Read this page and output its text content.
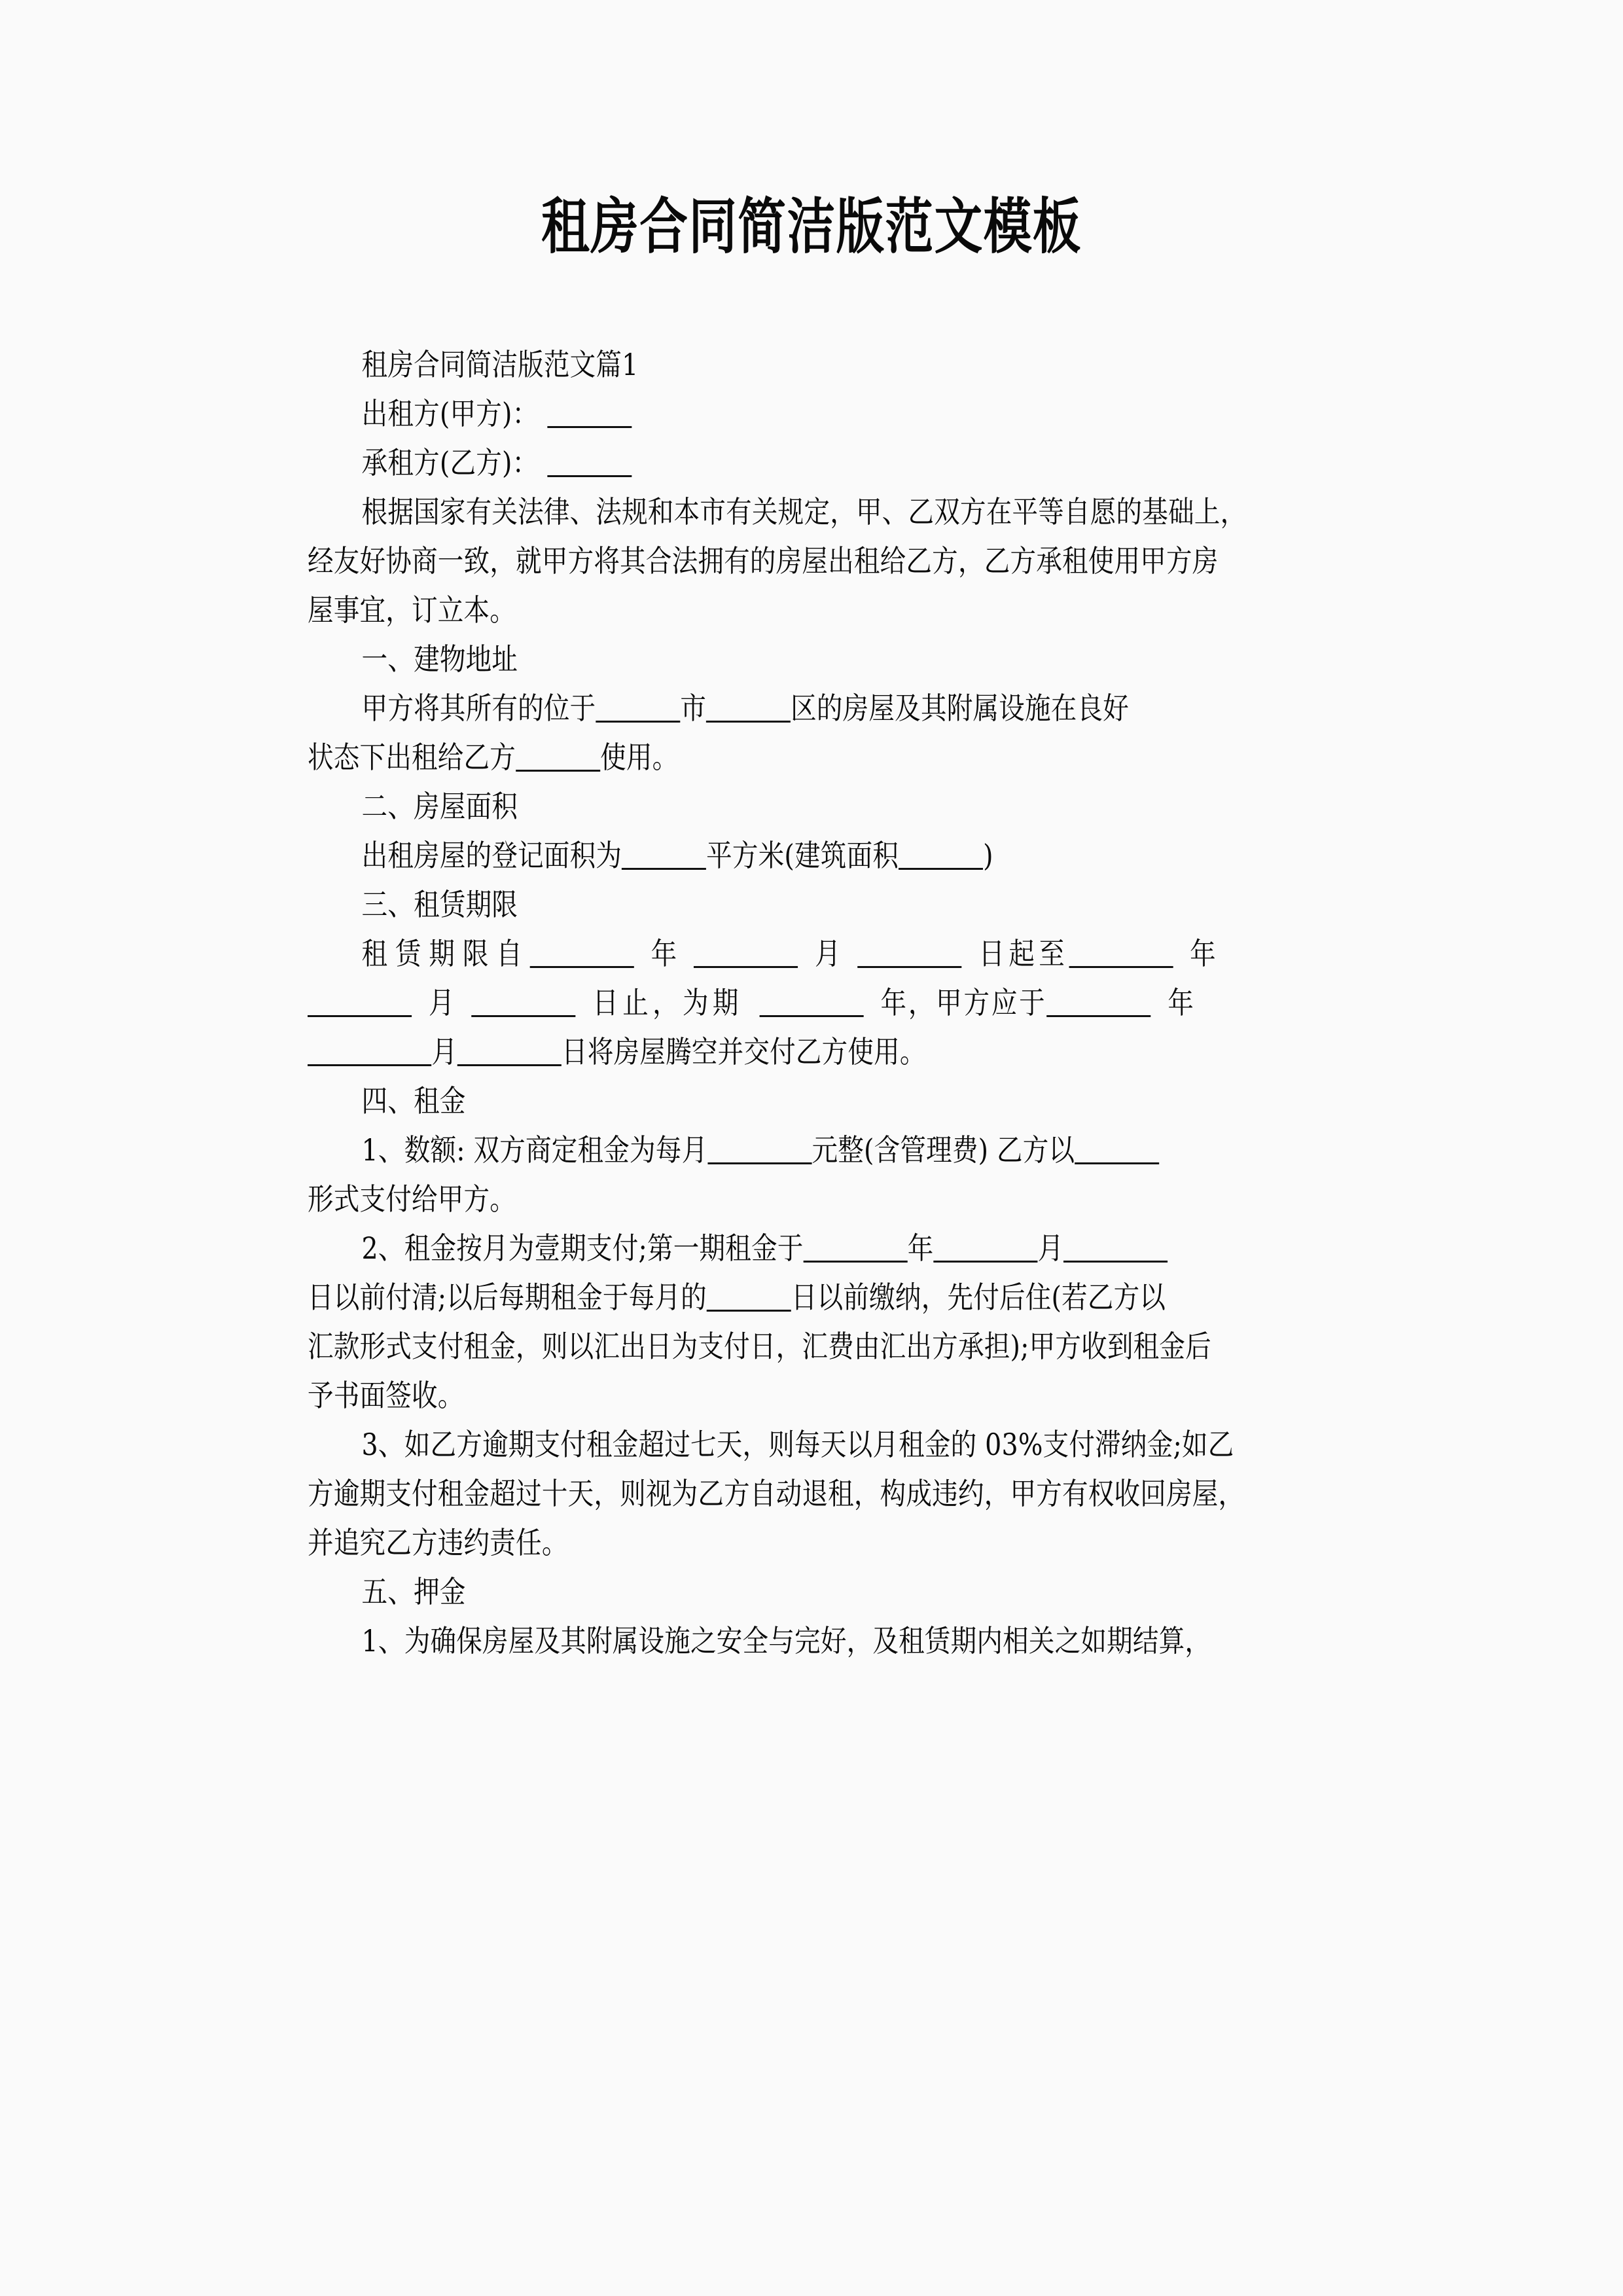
租房合同简洁版范文模板
租房合同简洁版范文篇1
出租方(甲方)：
承租方(乙方)：
根据国家有关法律、法规和本市有关规定，甲、乙双方在平等自愿的基础上，
经友好协商一致，就甲方将其合法拥有的房屋出租给乙方，乙方承租使用甲方房
屋事宜，订立本。
一、建物地址
甲方将其所有的位于	市	区的房屋及其附属设施在良好
状态下出租给乙方	使用。
二、房屋面积
出租房屋的登记面积为	平方米(建筑面积	)
三、租赁期限
租赁期限自	年	月	日起至	年
月	日止，为期	年，甲方应于	年
月	日将房屋腾空并交付乙方使用。
四、租金
1、数额: 双方商定租金为每月	元整(含管理费) 乙方以
形式支付给甲方。
2、租金按月为壹期支付;第一期租金于	年	月
日以前付清;以后每期租金于每月的	日以前缴纳，先付后住(若乙方以
汇款形式支付租金，则以汇出日为支付日，汇费由汇出方承担);甲方收到租金后
予书面签收。
3、如乙方逾期支付租金超过七天，则每天以月租金的 03%支付滞纳金;如乙
方逾期支付租金超过十天，则视为乙方自动退租，构成违约，甲方有权收回房屋，
并追究乙方违约责任。
五、押金
1、为确保房屋及其附属设施之安全与完好，及租赁期内相关之如期结算，
